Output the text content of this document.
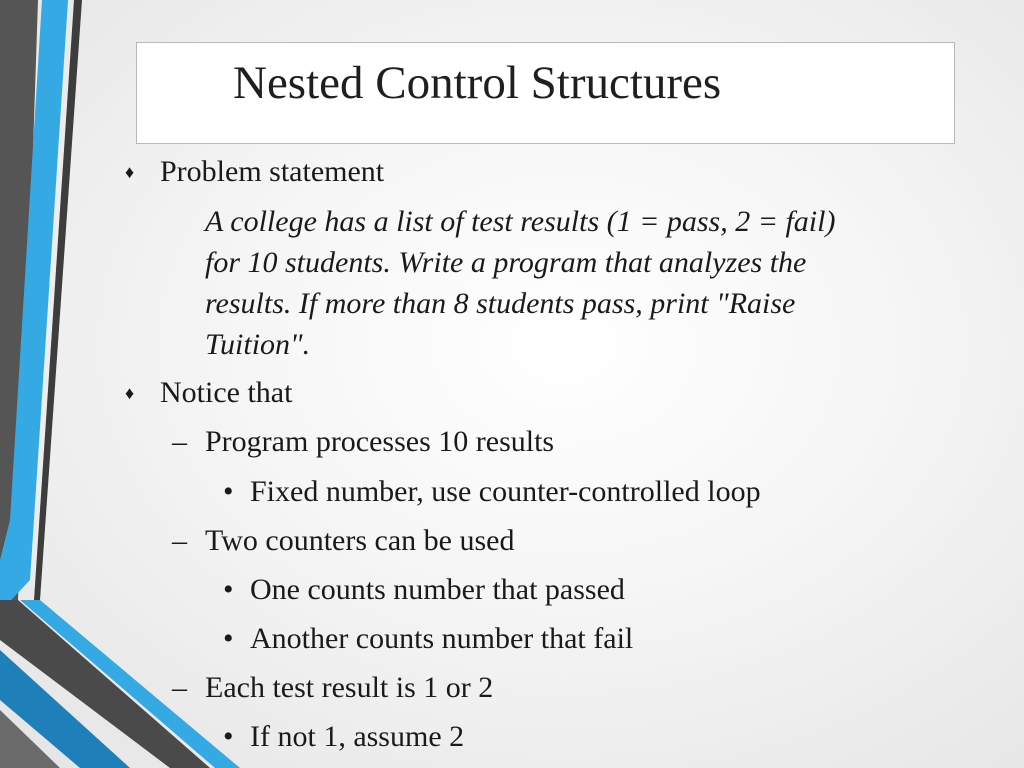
Nested Control Structures
♦ Problem statement
A college has a list of test results (1 = pass, 2 = fail)
for 10 students. Write a program that analyzes the
results. If more than 8 students pass, print "Raise
Tuition".
♦ Notice that
– Program processes 10 results
• Fixed number, use counter-controlled loop
– Two counters can be used
• One counts number that passed
• Another counts number that fail
– Each test result is 1 or 2
• If not 1, assume 2
